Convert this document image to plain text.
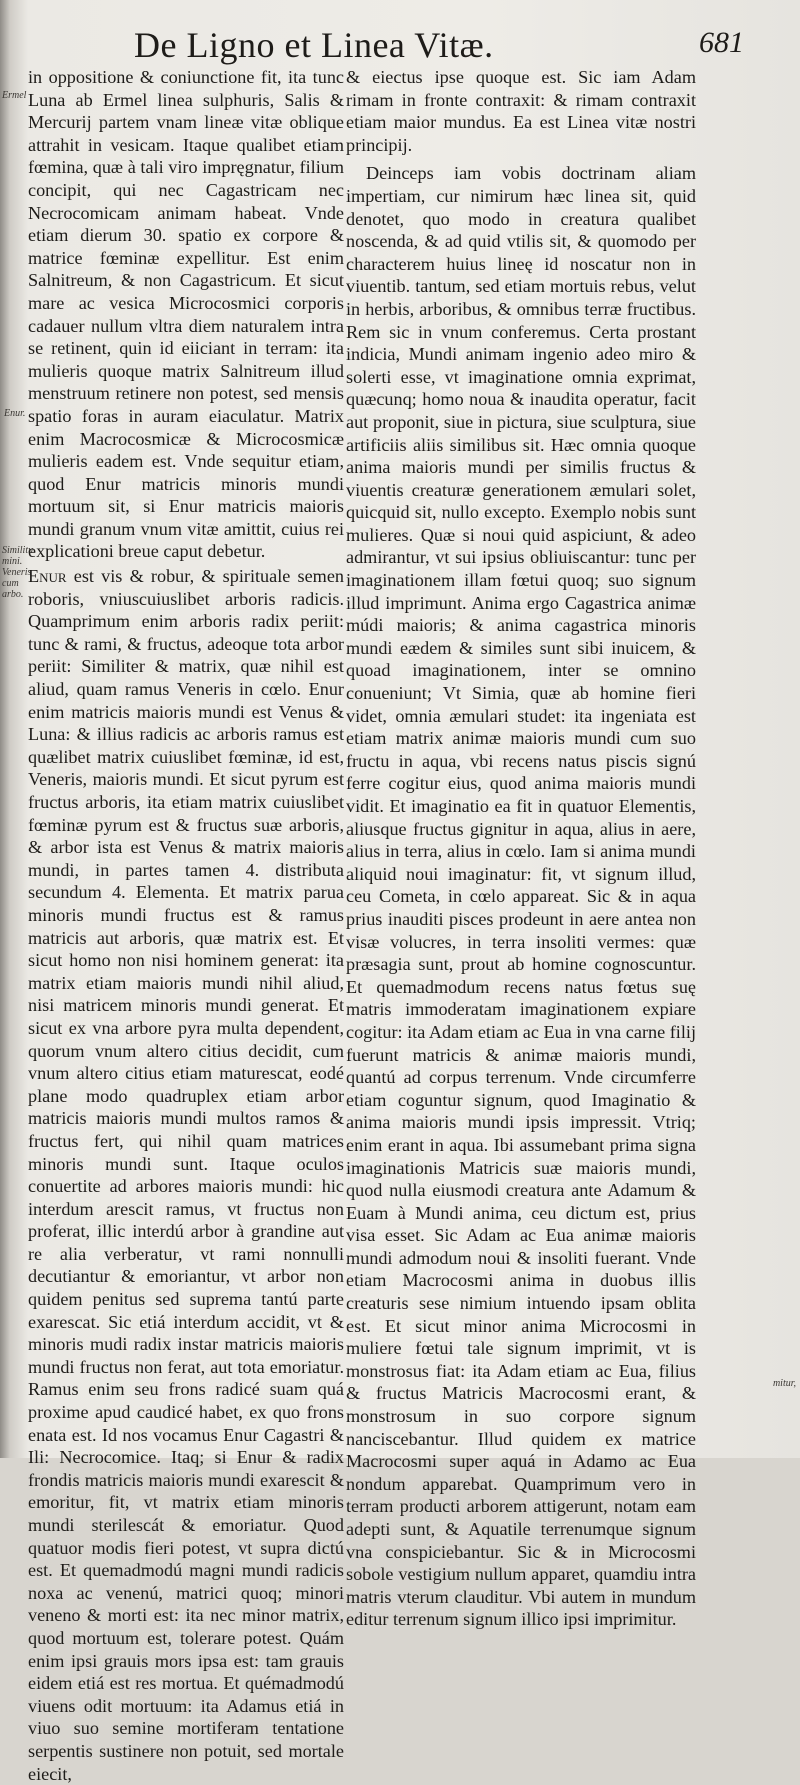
De Ligno et Linea Vitæ.	681
Ermel
Enur.
Similitu. mini. Veneris cum arbo.
mitur,

in oppositione & coniunctione fit, ita tunc Luna ab Ermel linea sulphuris, Salis & Mercurij partem vnam lineæ vitæ oblique attrahit in vesicam. Itaque qualibet etiam fœmina, quæ à tali viro impręgnatur, filium concipit, qui nec Cagastricam nec Necrocomicam animam habeat. Vnde etiam dierum 30. spatio ex corpore & matrice fœminæ expellitur. Est enim Salnitreum, & non Cagastricum. Et sicut mare ac vesica Microcosmici corporis cadauer nullum vltra diem naturalem intra se retinent, quin id eiiciant in terram: ita mulieris quoque matrix Salnitreum illud menstruum retinere non potest, sed mensis spatio foras in auram eiaculatur. Matrix enim Macrocosmicæ & Microcosmicæ mulieris eadem est. Vnde sequitur etiam, quod Enur matricis minoris mundi mortuum sit, si Enur matricis maioris mundi granum vnum vitæ amittit, cuius rei explicationi breue caput debetur.

Enur est vis & robur, & spirituale semen roboris, vniuscuiuslibet arboris radicis. Quamprimum enim arboris radix periit: tunc & rami, & fructus, adeoque tota arbor periit: Similiter & matrix, quæ nihil est aliud, quam ramus Veneris in cœlo. Enur enim matricis maioris mundi est Venus & Luna: & illius radicis ac arboris ramus est quælibet matrix cuiuslibet fœminæ, id est, Veneris, maioris mundi. Et sicut pyrum est fructus arboris, ita etiam matrix cuiuslibet fœminæ pyrum est & fructus suæ arboris, & arbor ista est Venus & matrix maioris mundi, in partes tamen 4. distributa secundum 4. Elementa. Et matrix parua minoris mundi fructus est & ramus matricis aut arboris, quæ matrix est. Et sicut homo non nisi hominem generat: ita matrix etiam maioris mundi nihil aliud, nisi matricem minoris mundi generat. Et sicut ex vna arbore pyra multa dependent, quorum vnum altero citius decidit, cum vnum altero citius etiam maturescat, eodé plane modo quadruplex etiam arbor matricis maioris mundi multos ramos & fructus fert, qui nihil quam matrices minoris mundi sunt. Itaque oculos conuertite ad arbores maioris mundi: hic interdum arescit ramus, vt fructus non proferat, illic interdú arbor à grandine aut re alia verberatur, vt rami nonnulli decutiantur & emoriantur, vt arbor non quidem penitus sed suprema tantú parte exarescat. Sic etiá interdum accidit, vt & minoris mudi radix instar matricis maioris mundi fructus non ferat, aut tota emoriatur. Ramus enim seu frons radicé suam quá proxime apud caudicé habet, ex quo frons enata est. Id nos vocamus Enur Cagastri & Ili: Necrocomice. Itaq; si Enur & radix frondis matricis maioris mundi exarescit & emoritur, fit, vt matrix etiam minoris mundi sterilescát & emoriatur. Quod quatuor modis fieri potest, vt supra dictú est. Et quemadmodú magni mundi radicis noxa ac venenú, matrici quoq; minori veneno & morti est: ita nec minor matrix, quod mortuum est, tolerare potest. Quám enim ipsi grauis mors ipsa est: tam grauis eidem etiá est res mortua. Et quémadmodú viuens odit mortuum: ita Adamus etiá in viuo suo semine mortiferam tentatione serpentis sustinere non potuit, sed mortale eiecit,

& eiectus ipse quoque est. Sic iam Adam rimam in fronte contraxit: & rimam contraxit etiam maior mundus. Ea est Linea vitæ nostri principij.

Deinceps iam vobis doctrinam aliam impertiam, cur nimirum hæc linea sit, quid denotet, quo modo in creatura qualibet noscenda, & ad quid vtilis sit, & quomodo per characterem huius lineę id noscatur non in viuentib. tantum, sed etiam mortuis rebus, velut in herbis, arboribus, & omnibus terræ fructibus. Rem sic in vnum conferemus. Certa prostant indicia, Mundi animam ingenio adeo miro & solerti esse, vt imaginatione omnia exprimat, quæcunq; homo noua & inaudita operatur, facit aut proponit, siue in pictura, siue sculptura, siue artificiis aliis similibus sit. Hæc omnia quoque anima maioris mundi per similis fructus & viuentis creaturæ generationem æmulari solet, quicquid sit, nullo excepto. Exemplo nobis sunt mulieres. Quæ si noui quid aspiciunt, & adeo admirantur, vt sui ipsius obliuiscantur: tunc per imaginationem illam fœtui quoq; suo signum illud imprimunt. Anima ergo Cagastrica animæ múdi maioris; & anima cagastrica minoris mundi eædem & similes sunt sibi inuicem, & quoad imaginationem, inter se omnino conueniunt; Vt Simia, quæ ab homine fieri videt, omnia æmulari studet: ita ingeniata est etiam matrix animæ maioris mundi cum suo fructu in aqua, vbi recens natus piscis signú ferre cogitur eius, quod anima maioris mundi vidit. Et imaginatio ea fit in quatuor Elementis, aliusque fructus gignitur in aqua, alius in aere, alius in terra, alius in cœlo. Iam si anima mundi aliquid noui imaginatur: fit, vt signum illud, ceu Cometa, in cœlo appareat. Sic & in aqua prius inauditi pisces prodeunt in aere antea non visæ volucres, in terra insoliti vermes: quæ præsagia sunt, prout ab homine cognoscuntur. Et quemadmodum recens natus fœtus suę matris immoderatam imaginationem expiare cogitur: ita Adam etiam ac Eua in vna carne filij fuerunt matricis & animæ maioris mundi, quantú ad corpus terrenum. Vnde circumferre etiam coguntur signum, quod Imaginatio & anima maioris mundi ipsis impressit. Vtriq; enim erant in aqua. Ibi assumebant prima signa imaginationis Matricis suæ maioris mundi, quod nulla eiusmodi creatura ante Adamum & Euam à Mundi anima, ceu dictum est, prius visa esset. Sic Adam ac Eua animæ maioris mundi admodum noui & insoliti fuerant. Vnde etiam Macrocosmi anima in duobus illis creaturis sese nimium intuendo ipsam oblita est. Et sicut minor anima Microcosmi in muliere fœtui tale signum imprimit, vt is monstrosus fiat: ita Adam etiam ac Eua, filius & fructus Matricis Macrocosmi erant, & monstrosum in suo corpore signum nanciscebantur. Illud quidem ex matrice Macrocosmi super aquá in Adamo ac Eua nondum apparebat. Quamprimum vero in terram producti arborem attigerunt, notam eam adepti sunt, & Aquatile terrenumque signum vna conspiciebantur. Sic & in Microcosmi sobole vestigium nullum apparet, quamdiu intra matris vterum clauditur. Vbi autem in mundum editur terrenum signum illico ipsi imprimitur.
